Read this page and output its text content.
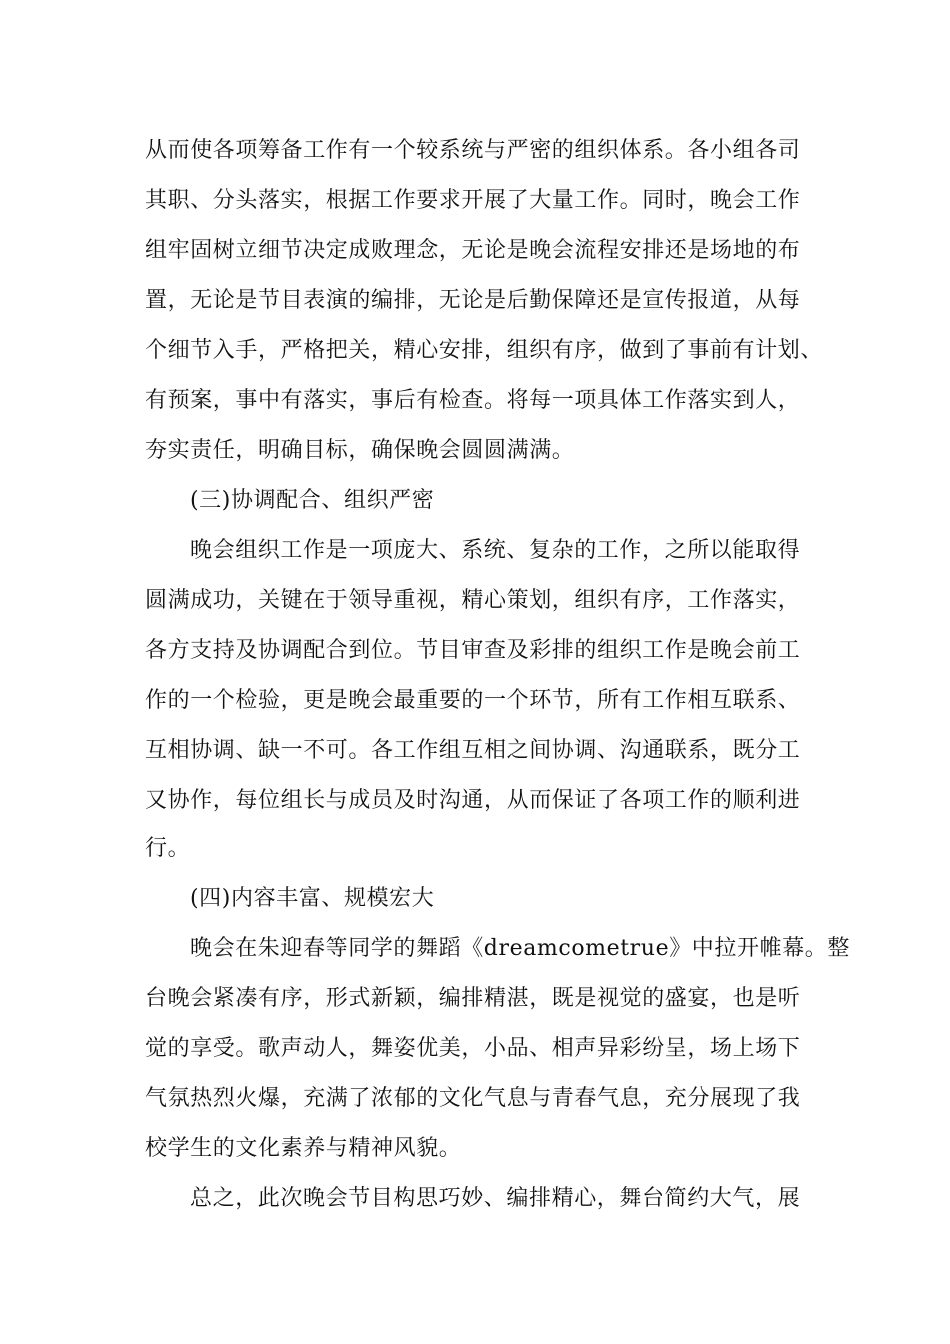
从而使各项筹备工作有一个较系统与严密的组织体系。各小组各司
其职、分头落实，根据工作要求开展了大量工作。同时，晚会工作
组牢固树立细节决定成败理念，无论是晚会流程安排还是场地的布
置，无论是节目表演的编排，无论是后勤保障还是宣传报道，从每
个细节入手，严格把关，精心安排，组织有序，做到了事前有计划、
有预案，事中有落实，事后有检查。将每一项具体工作落实到人，
夯实责任，明确目标，确保晚会圆圆满满。
(三)协调配合、组织严密
晚会组织工作是一项庞大、系统、复杂的工作，之所以能取得
圆满成功，关键在于领导重视，精心策划，组织有序，工作落实，
各方支持及协调配合到位。节目审查及彩排的组织工作是晚会前工
作的一个检验，更是晚会最重要的一个环节，所有工作相互联系、
互相协调、缺一不可。各工作组互相之间协调、沟通联系，既分工
又协作，每位组长与成员及时沟通，从而保证了各项工作的顺利进
行。
(四)内容丰富、规模宏大
晚会在朱迎春等同学的舞蹈《dreamcometrue》中拉开帷幕。整
台晚会紧凑有序，形式新颖，编排精湛，既是视觉的盛宴，也是听
觉的享受。歌声动人，舞姿优美，小品、相声异彩纷呈，场上场下
气氛热烈火爆，充满了浓郁的文化气息与青春气息，充分展现了我
校学生的文化素养与精神风貌。
总之，此次晚会节目构思巧妙、编排精心，舞台简约大气，展
